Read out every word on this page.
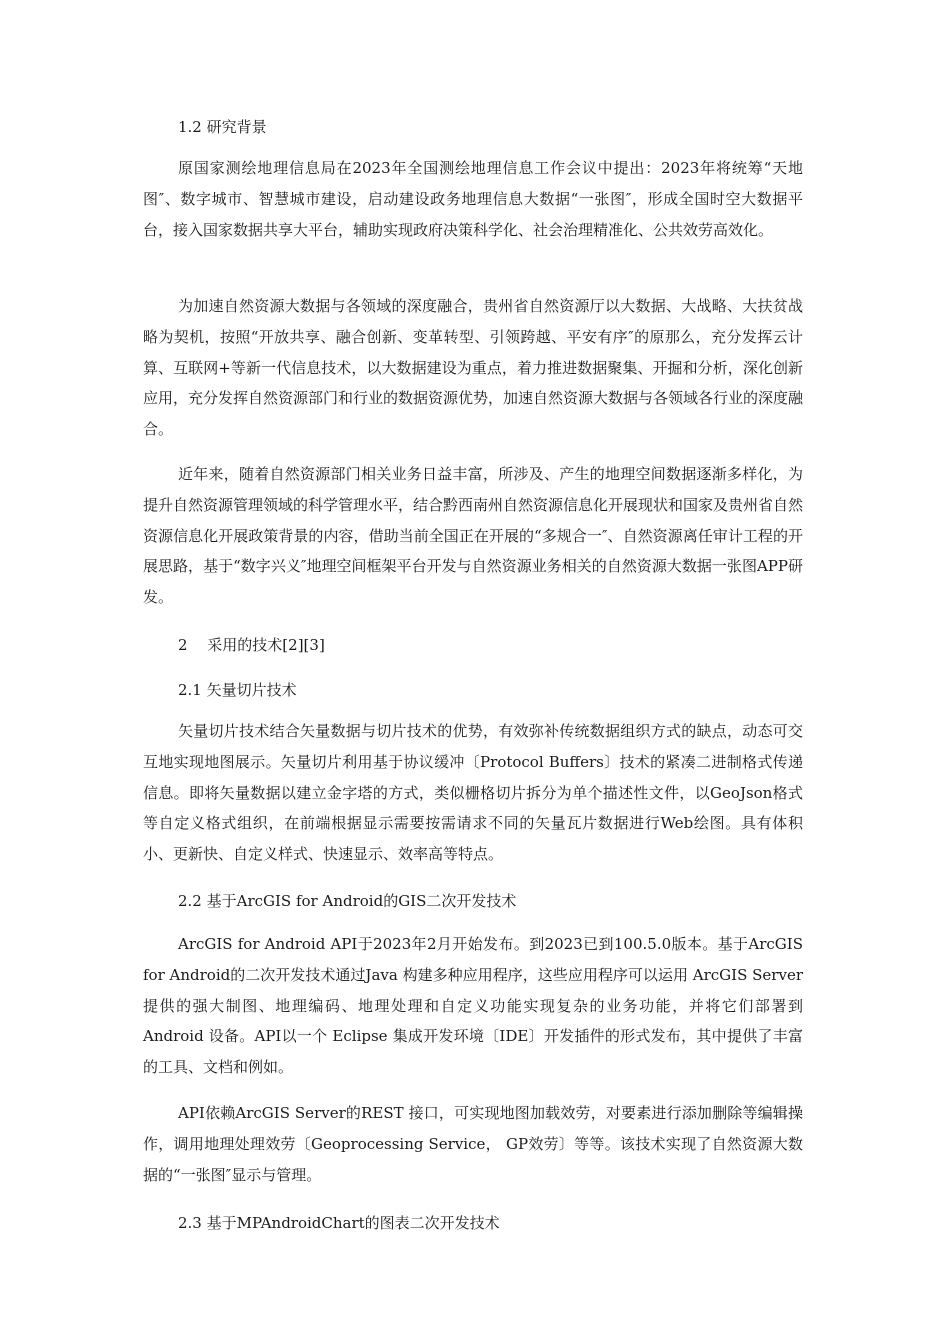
1.2 研究背景
原国家测绘地理信息局在2023年全国测绘地理信息工作会议中提出：2023年将统筹“天地图″、数字城市、智慧城市建设，启动建设政务地理信息大数据“一张图″，形成全国时空大数据平台，接入国家数据共享大平台，辅助实现政府决策科学化、社会治理精准化、公共效劳高效化。
为加速自然资源大数据与各领域的深度融合，贵州省自然资源厅以大数据、大战略、大扶贫战略为契机，按照“开放共享、融合创新、变革转型、引领跨越、平安有序″的原那么，充分发挥云计算、互联网+等新一代信息技术，以大数据建设为重点，着力推进数据聚集、开掘和分析，深化创新应用，充分发挥自然资源部门和行业的数据资源优势，加速自然资源大数据与各领域各行业的深度融合。
近年来，随着自然资源部门相关业务日益丰富，所涉及、产生的地理空间数据逐渐多样化，为提升自然资源管理领域的科学管理水平，结合黔西南州自然资源信息化开展现状和国家及贵州省自然资源信息化开展政策背景的内容，借助当前全国正在开展的“多规合一″、自然资源离任审计工程的开展思路，基于“数字兴义″地理空间框架平台开发与自然资源业务相关的自然资源大数据一张图APP研发。
2　 采用的技术[2][3]
2.1 矢量切片技术
矢量切片技术结合矢量数据与切片技术的优势，有效弥补传统数据组织方式的缺点，动态可交互地实现地图展示。矢量切片利用基于协议缓冲〔Protocol Buffers〕技术的紧凑二进制格式传递信息。即将矢量数据以建立金字塔的方式，类似栅格切片拆分为单个描述性文件，以GeoJson格式等自定义格式组织，在前端根据显示需要按需请求不同的矢量瓦片数据进行Web绘图。具有体积小、更新快、自定义样式、快速显示、效率高等特点。
2.2 基于ArcGIS for Android的GIS二次开发技术
ArcGIS for Android API于2023年2月开始发布。到2023已到100.5.0版本。基于ArcGIS for Android的二次开发技术通过Java 构建多种应用程序，这些应用程序可以运用 ArcGIS Server 提供的强大制图、地理编码、地理处理和自定义功能实现复杂的业务功能，并将它们部署到 Android 设备。API以一个 Eclipse 集成开发环境〔IDE〕开发插件的形式发布，其中提供了丰富的工具、文档和例如。
API依赖ArcGIS Server的REST 接口，可实现地图加载效劳，对要素进行添加删除等编辑操作，调用地理处理效劳〔Geoprocessing Service， GP效劳〕等等。该技术实现了自然资源大数据的“一张图″显示与管理。
2.3 基于MPAndroidChart的图表二次开发技术
